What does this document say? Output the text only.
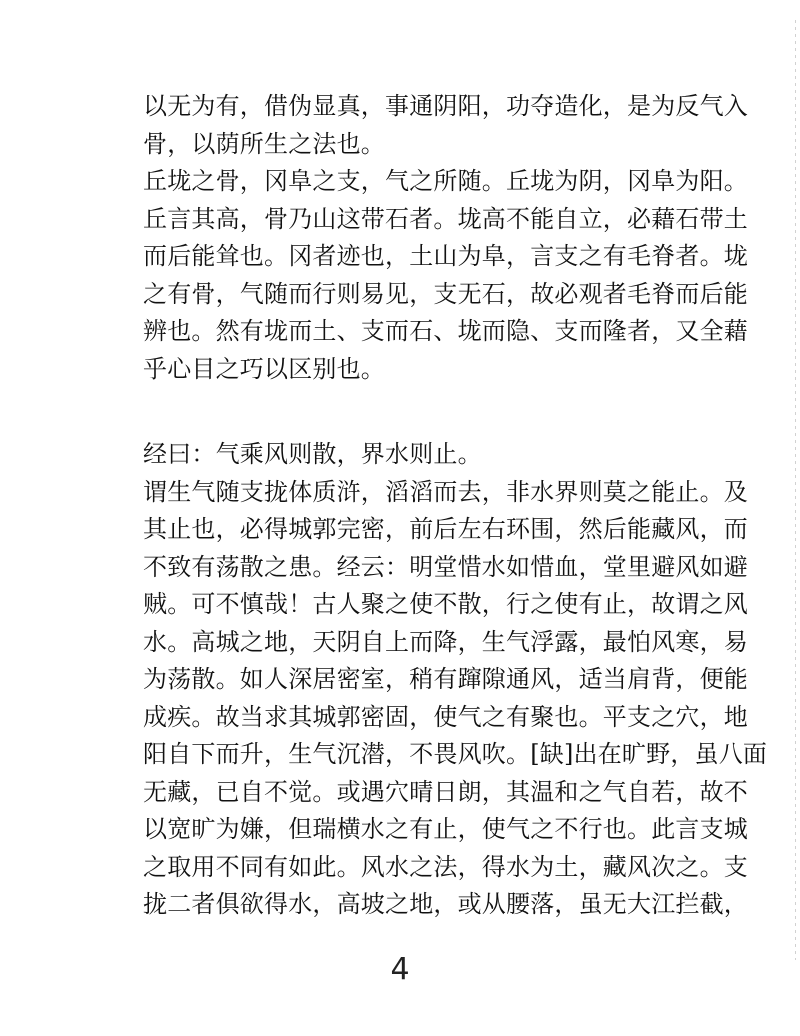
以无为有，借伪显真，事通阴阳，功夺造化，是为反气入
骨，以荫所生之法也。
丘垅之骨，冈阜之支，气之所随。丘垅为阴，冈阜为阳。
丘言其高，骨乃山这带石者。垅高不能自立，必藉石带土
而后能耸也。冈者迹也，土山为阜，言支之有毛脊者。垅
之有骨，气随而行则易见，支无石，故必观者毛脊而后能
辨也。然有垅而土、支而石、垅而隐、支而隆者，又全藉
乎心目之巧以区别也。
经曰：气乘风则散，界水则止。
谓生气随支拢体质浒，滔滔而去，非水界则莫之能止。及
其止也，必得城郭完密，前后左右环围，然后能藏风，而
不致有荡散之患。经云：明堂惜水如惜血，堂里避风如避
贼。可不慎哉！古人聚之使不散，行之使有止，故谓之风
水。高城之地，天阴自上而降，生气浮露，最怕风寒，易
为荡散。如人深居密室，稍有蹿隙通风，适当肩背，便能
成疾。故当求其城郭密固，使气之有聚也。平支之穴，地
阳自下而升，生气沉潜，不畏风吹。[缺]出在旷野，虽八面
无藏，已自不觉。或遇穴晴日朗，其温和之气自若，故不
以宽旷为嫌，但瑞横水之有止，使气之不行也。此言支城
之取用不同有如此。风水之法，得水为土，藏风次之。支
拢二者俱欲得水，高坡之地，或从腰落，虽无大江拦截，
4
